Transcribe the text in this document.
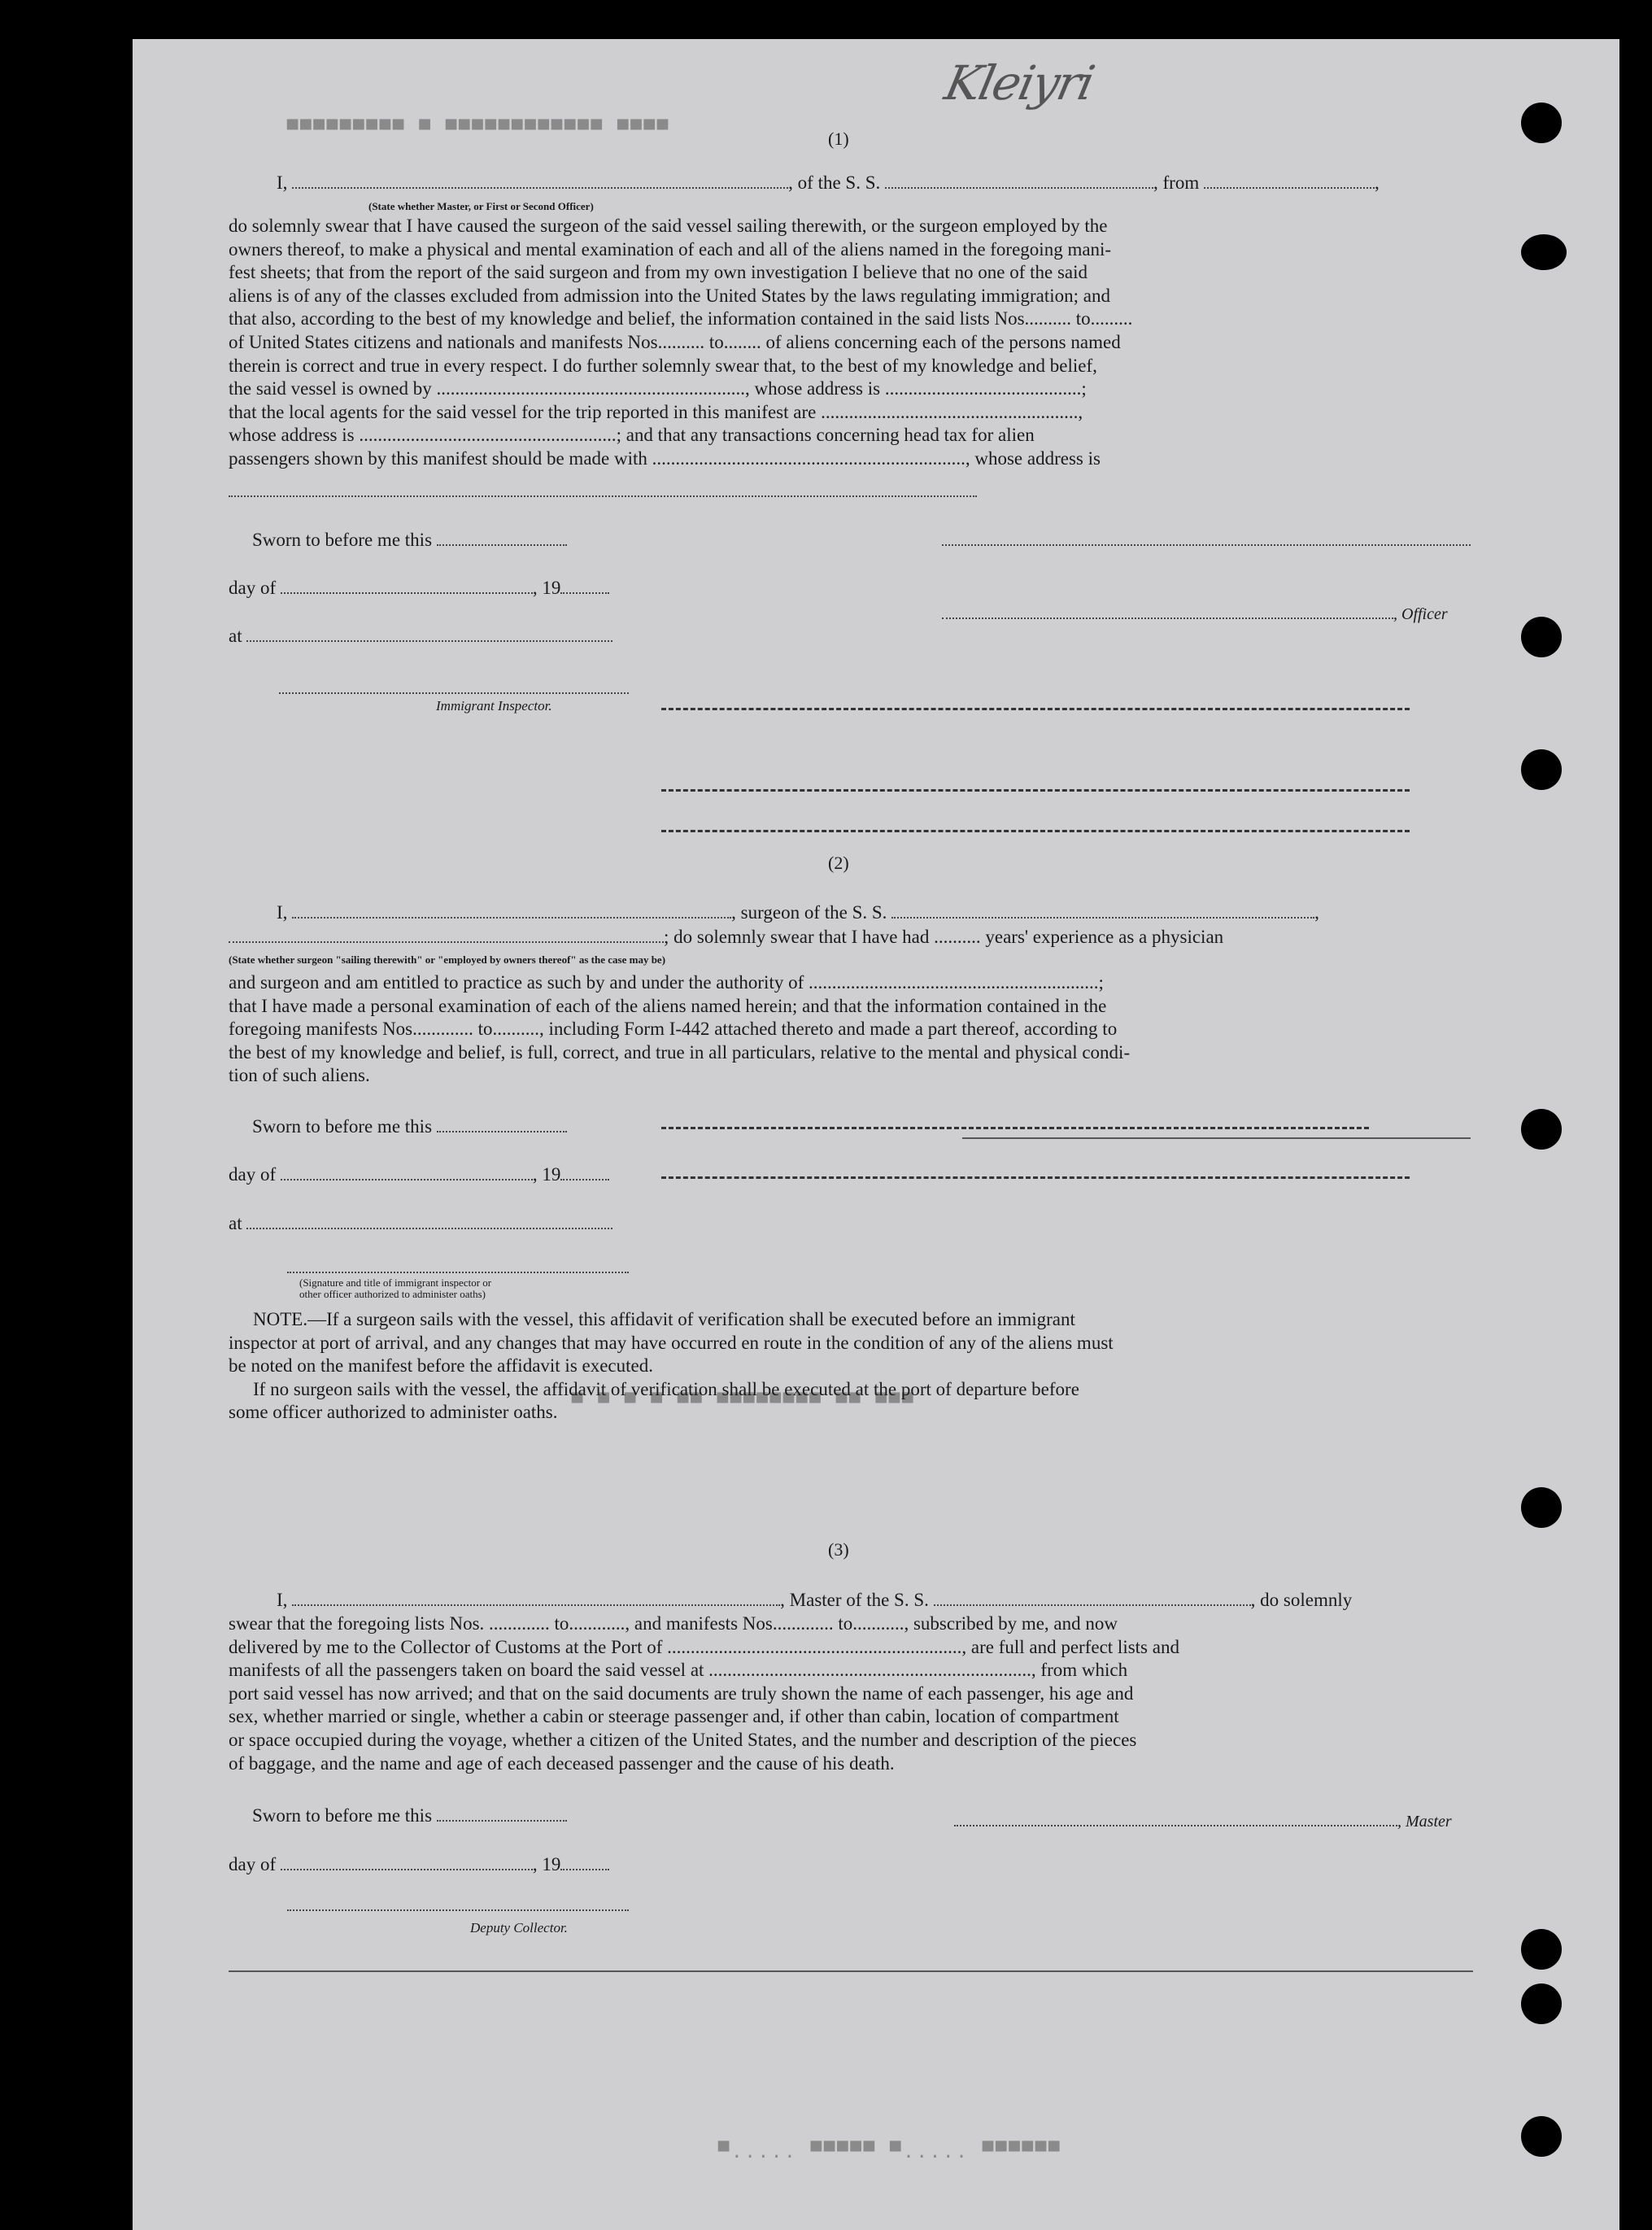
Kleiyri
▀▀▀▀▀▀▀▀▀ ▀ ▀▀▀▀▀▀▀▀▀▀▀▀ ▀▀▀▀
▀ ▀ ▀ ▀ ▀▀ ▀▀▀▀▀▀▀▀ ▀▀ ▀▀▀
(1)
I,	, of the S. S.	, from	,
(State whether Master, or First or Second Officer)
do solemnly swear that I have caused the surgeon of the said vessel sailing therewith, or the surgeon employed by the
owners thereof, to make a physical and mental examination of each and all of the aliens named in the foregoing mani-
fest sheets; that from the report of the said surgeon and from my own investigation I believe that no one of the said
aliens is of any of the classes excluded from admission into the United States by the laws regulating immigration; and
that also, according to the best of my knowledge and belief, the information contained in the said lists Nos.......... to.........
of United States citizens and nationals and manifests Nos.......... to........ of aliens concerning each of the persons named
therein is correct and true in every respect. I do further solemnly swear that, to the best of my knowledge and belief,
the said vessel is owned by .................................................................., whose address is ..........................................;
that the local agents for the said vessel for the trip reported in this manifest are .......................................................,
whose address is .......................................................; and that any transactions concerning head tax for alien
passengers shown by this manifest should be made with ..................................................................., whose address is
Sworn to before me this
day of	, 19
, Officer
at
Immigrant Inspector.
(2)
I,	, surgeon of the S. S.	,
; do solemnly swear that I have had .......... years' experience as a physician
(State whether surgeon "sailing therewith" or "employed by owners thereof" as the case may be)
and surgeon and am entitled to practice as such by and under the authority of ..............................................................;
that I have made a personal examination of each of the aliens named herein; and that the information contained in the
foregoing manifests Nos............. to.........., including Form I-442 attached thereto and made a part thereof, according to
the best of my knowledge and belief, is full, correct, and true in all particulars, relative to the mental and physical condi-
tion of such aliens.
Sworn to before me this
day of	, 19
at
(Signature and title of immigrant inspector or
other officer authorized to administer oaths)
NOTE.—If a surgeon sails with the vessel, this affidavit of verification shall be executed before an immigrant
inspector at port of arrival, and any changes that may have occurred en route in the condition of any of the aliens must
be noted on the manifest before the affidavit is executed.
If no surgeon sails with the vessel, the affidavit of verification shall be executed at the port of departure before
some officer authorized to administer oaths.
(3)
I,	, Master of the S. S.	, do solemnly
swear that the foregoing lists Nos. ............. to............, and manifests Nos............. to..........., subscribed by me, and now
delivered by me to the Collector of Customs at the Port of ..............................................................., are full and perfect lists and
manifests of all the passengers taken on board the said vessel at ....................................................................., from which
port said vessel has now arrived; and that on the said documents are truly shown the name of each passenger, his age and
sex, whether married or single, whether a cabin or steerage passenger and, if other than cabin, location of compartment
or space occupied during the voyage, whether a citizen of the United States, and the number and description of the pieces
of baggage, and the name and age of each deceased passenger and the cause of his death.
Sworn to before me this	, Master
day of	, 19
Deputy Collector.
▀..... ▀▀▀▀▀ ▀..... ▀▀▀▀▀▀
